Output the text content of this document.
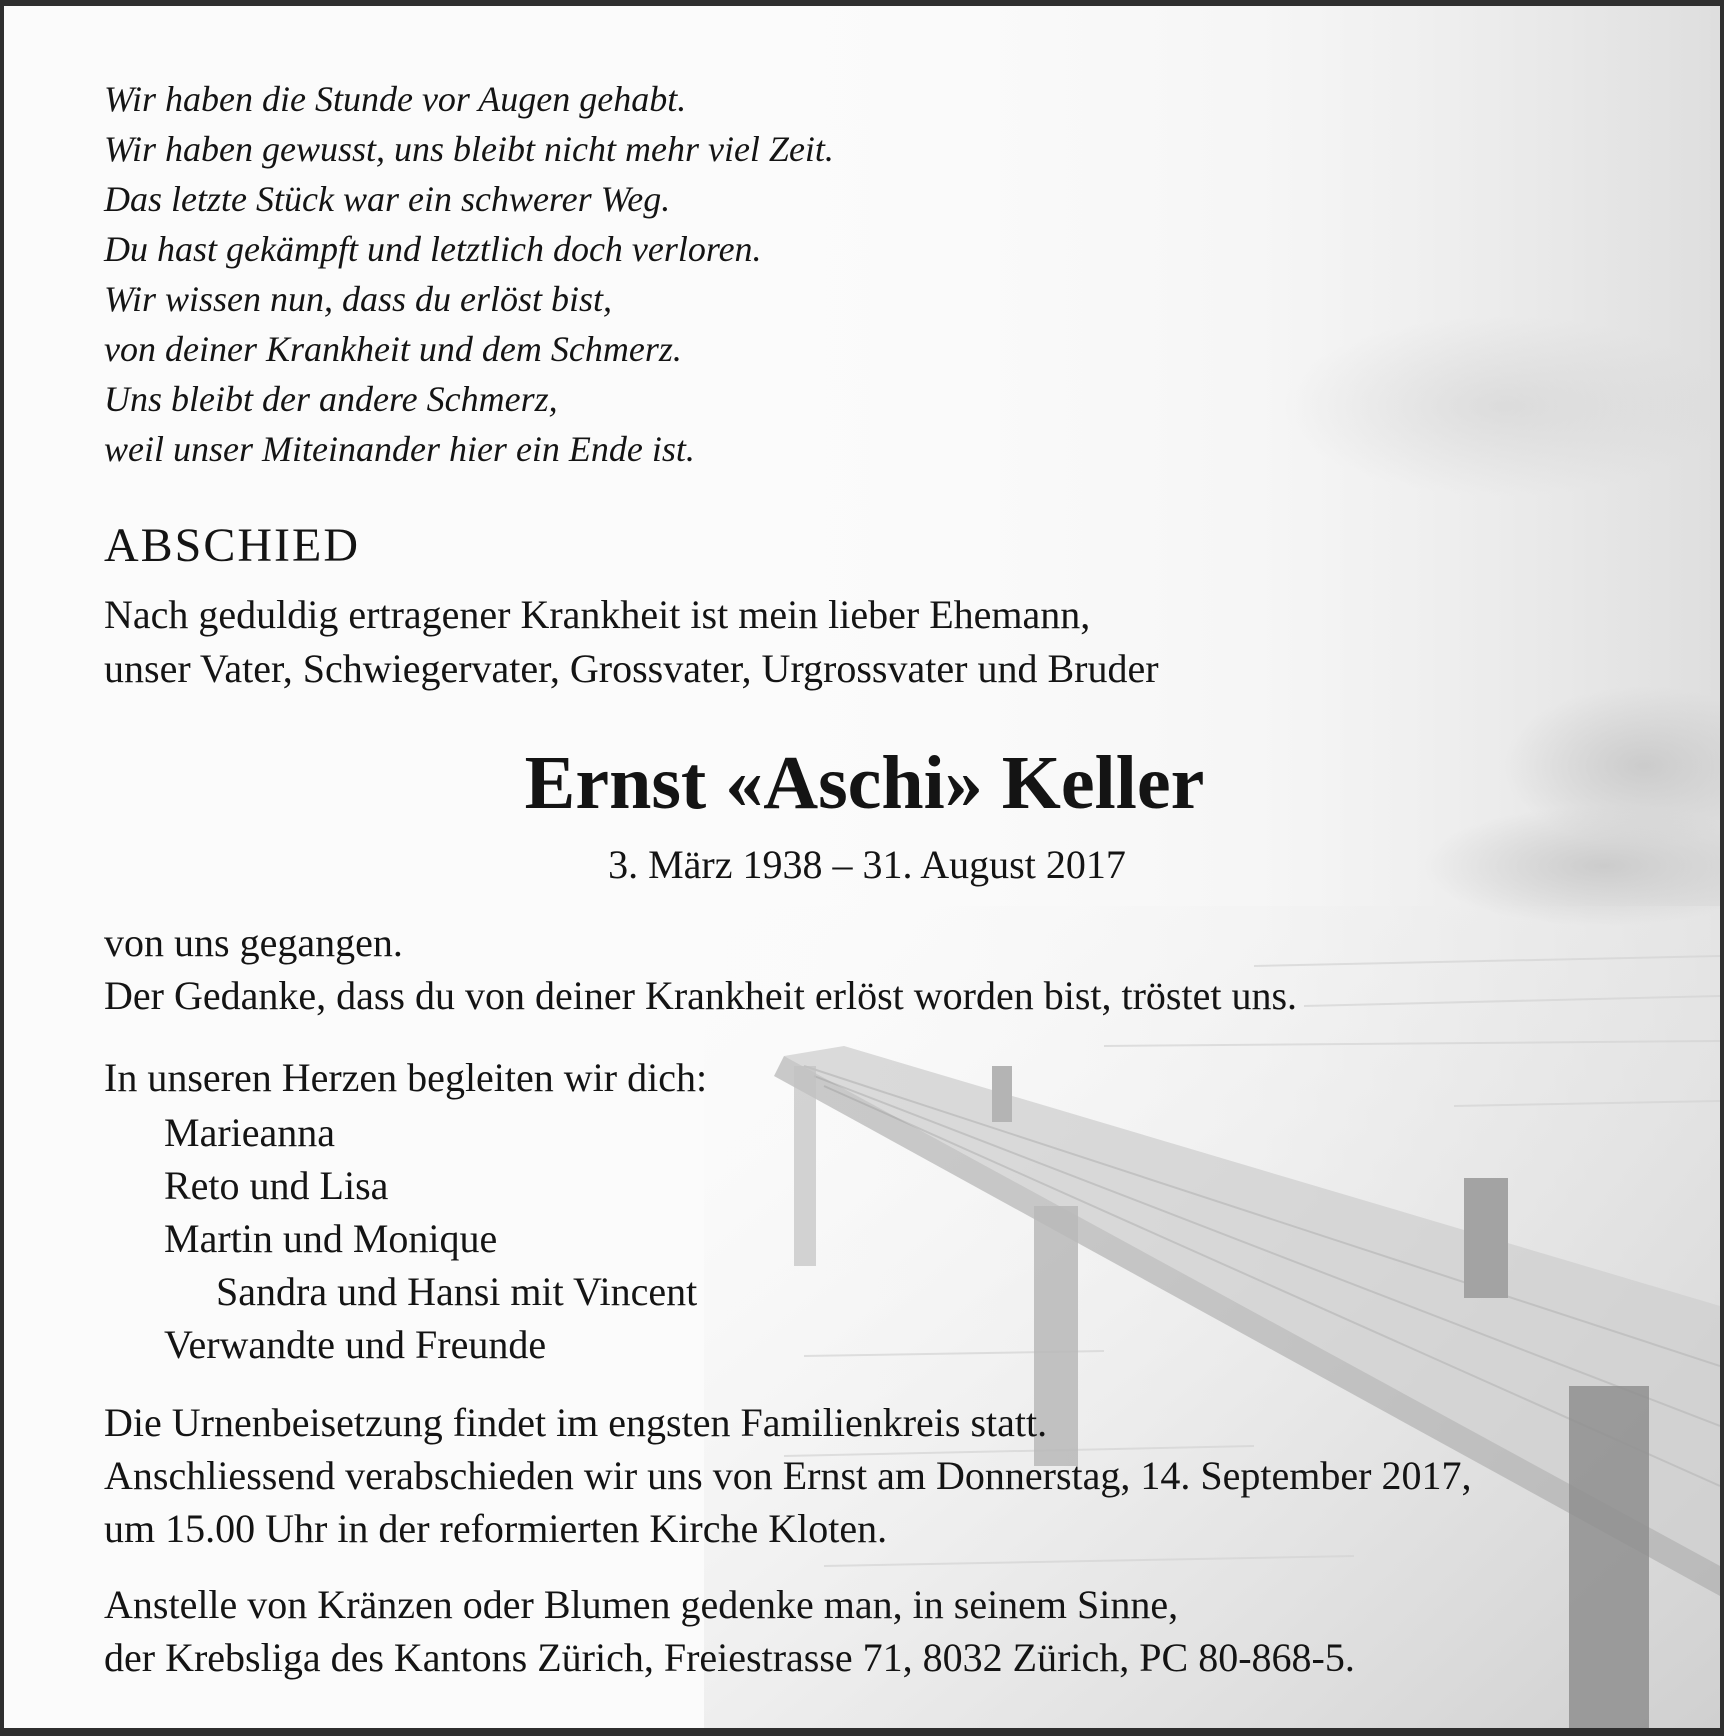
Wir haben die Stunde vor Augen gehabt.
Wir haben gewusst, uns bleibt nicht mehr viel Zeit.
Das letzte Stück war ein schwerer Weg.
Du hast gekämpft und letztlich doch verloren.
Wir wissen nun, dass du erlöst bist,
von deiner Krankheit und dem Schmerz.
Uns bleibt der andere Schmerz,
weil unser Miteinander hier ein Ende ist.
ABSCHIED
Nach geduldig ertragener Krankheit ist mein lieber Ehemann,
unser Vater, Schwiegervater, Grossvater, Urgrossvater und Bruder
Ernst «Aschi» Keller
3. März 1938 – 31. August 2017
von uns gegangen.
Der Gedanke, dass du von deiner Krankheit erlöst worden bist, tröstet uns.
In unseren Herzen begleiten wir dich:
Marieanna
Reto und Lisa
Martin und Monique
Sandra und Hansi mit Vincent
Verwandte und Freunde
Die Urnenbeisetzung findet im engsten Familienkreis statt.
Anschliessend verabschieden wir uns von Ernst am Donnerstag, 14. September 2017,
um 15.00 Uhr in der reformierten Kirche Kloten.
Anstelle von Kränzen oder Blumen gedenke man, in seinem Sinne,
der Krebsliga des Kantons Zürich, Freiestrasse 71, 8032 Zürich, PC 80-868-5.
